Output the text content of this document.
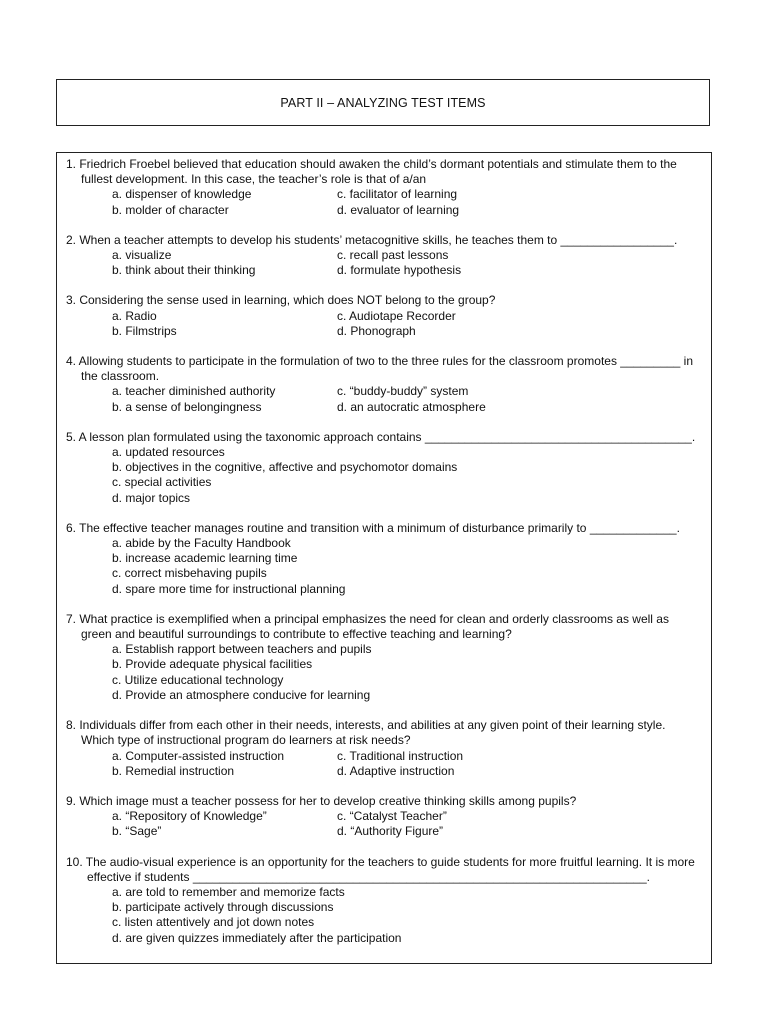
PART II – ANALYZING TEST ITEMS

1. Friedrich Froebel believed that education should awaken the child’s dormant potentials and stimulate them to the fullest development. In this case, the teacher’s role is that of a/an

a. dispenser of knowledge	c. facilitator of learning
b. molder of character	d. evaluator of learning

2. When a teacher attempts to develop his students’ metacognitive skills, he teaches them to _________________.

a. visualize	c. recall past lessons
b. think about their thinking	d. formulate hypothesis

3. Considering the sense used in learning, which does NOT belong to the group?

a. Radio	c. Audiotape Recorder
b. Filmstrips	d. Phonograph

4. Allowing students to participate in the formulation of two to the three rules for the classroom promotes _________ in the classroom.

a. teacher diminished authority	c. “buddy-buddy” system
b. a sense of belongingness	d. an autocratic atmosphere

5. A lesson plan formulated using the taxonomic approach contains ________________________________________.

a. updated resources
b. objectives in the cognitive, affective and psychomotor domains
c. special activities
d. major topics

6. The effective teacher manages routine and transition with a minimum of disturbance primarily to _____________.

a. abide by the Faculty Handbook
b. increase academic learning time
c. correct misbehaving pupils
d. spare more time for instructional planning

7. What practice is exemplified when a principal emphasizes the need for clean and orderly classrooms as well as green and beautiful surroundings to contribute to effective teaching and learning?

a. Establish rapport between teachers and pupils
b. Provide adequate physical facilities
c. Utilize educational technology
d. Provide an atmosphere conducive for learning

8. Individuals differ from each other in their needs, interests, and abilities at any given point of their learning style. Which type of instructional program do learners at risk needs?

a. Computer-assisted instruction	c. Traditional instruction
b. Remedial instruction	d. Adaptive instruction

9. Which image must a teacher possess for her to develop creative thinking skills among pupils?

a. “Repository of Knowledge”	c. “Catalyst Teacher”
b. “Sage”	d. “Authority Figure”

10. The audio-visual experience is an opportunity for the teachers to guide students for more fruitful learning. It is more effective if students ____________________________________________________________________.

a. are told to remember and memorize facts
b. participate actively through discussions
c. listen attentively and jot down notes
d. are given quizzes immediately after the participation
